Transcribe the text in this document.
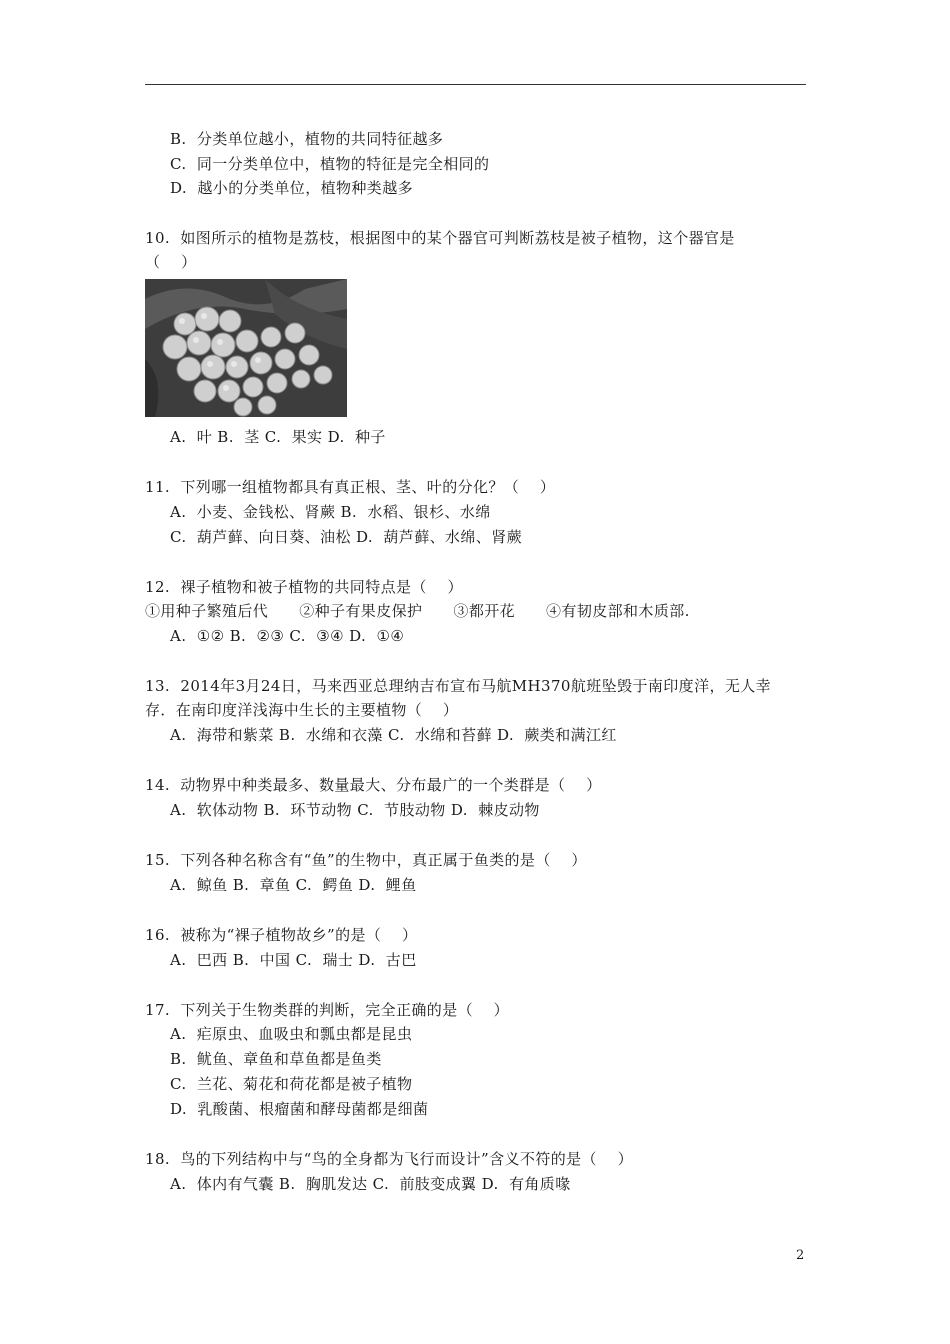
B.  分类单位越小，植物的共同特征越多
C.  同一分类单位中，植物的特征是完全相同的
D.  越小的分类单位，植物种类越多
10.  如图所示的植物是荔枝，根据图中的某个器官可判断荔枝是被子植物，这个器官是
（    ）
A.  叶 B.  茎 C.  果实 D.  种子
11.  下列哪一组植物都具有真正根、茎、叶的分化？（    ）
A.  小麦、金钱松、肾蕨 B.  水稻、银杉、水绵
C.  葫芦藓、向日葵、油松 D.  葫芦藓、水绵、肾蕨
12.  裸子植物和被子植物的共同特点是（    ）
①用种子繁殖后代      ②种子有果皮保护      ③都开花      ④有韧皮部和木质部.
A.  ①② B.  ②③ C.  ③④ D.  ①④
13.  2014年3月24日，马来西亚总理纳吉布宣布马航MH370航班坠毁于南印度洋，无人幸
存．在南印度洋浅海中生长的主要植物（    ）
A.  海带和紫菜 B.  水绵和衣藻 C.  水绵和苔藓 D.  蕨类和满江红
14.  动物界中种类最多、数量最大、分布最广的一个类群是（    ）
A.  软体动物 B.  环节动物 C.  节肢动物 D.  棘皮动物
15.  下列各种名称含有“鱼”的生物中，真正属于鱼类的是（    ）
A.  鲸鱼 B.  章鱼 C.  鳄鱼 D.  鲤鱼
16.  被称为“裸子植物故乡”的是（    ）
A.  巴西 B.  中国 C.  瑞士 D.  古巴
17.  下列关于生物类群的判断，完全正确的是（    ）
A.  疟原虫、血吸虫和瓢虫都是昆虫
B.  鱿鱼、章鱼和草鱼都是鱼类
C.  兰花、菊花和荷花都是被子植物
D.  乳酸菌、根瘤菌和酵母菌都是细菌
18.  鸟的下列结构中与“鸟的全身都为飞行而设计”含义不符的是（    ）
A.  体内有气囊 B.  胸肌发达 C.  前肢变成翼 D.  有角质喙
2
